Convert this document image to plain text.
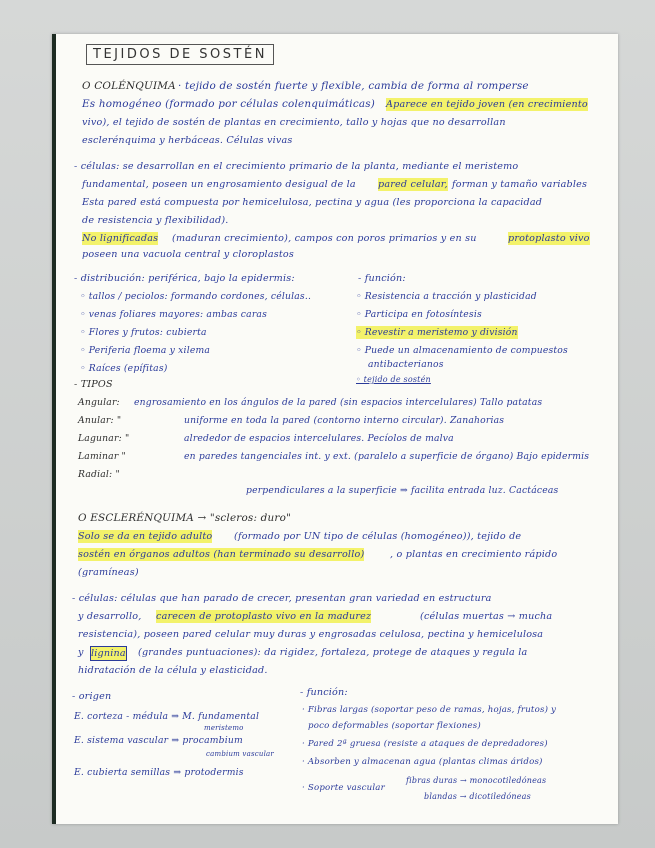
TEJIDOS DE SOSTÉN
O COLÉNQUIMA · tejido de sostén fuerte y flexible, cambia de forma al romperse
Es homogéneo (formado por células colenquimáticas) Aparece en tejido joven (en crecimiento
vivo), el tejido de sostén de plantas en crecimiento, tallo y hojas que no desarrollan
esclerénquima y herbáceas. Células vivas
- células: se desarrollan en el crecimiento primario de la planta, mediante el meristemo
fundamental, poseen un engrosamiento desigual de la pared celular, forman y tamaño variables
Esta pared está compuesta por hemicelulosa, pectina y agua (les proporciona la capacidad
de resistencia y flexibilidad).
No lignificadas (maduran crecimiento), campos con poros primarios y en su	protoplasto vivo
poseen una vacuola central y cloroplastos
- distribución: periférica, bajo la epidermis:
◦ tallos / peciolos: formando cordones, células..
◦ venas foliares mayores: ambas caras
◦ Flores y frutos: cubierta
◦ Periferia floema y xilema
◦ Raíces (epífitas)
- función:
◦ Resistencia a tracción y plasticidad
◦ Participa en fotosíntesis
◦ Revestir a meristemo y división
◦ Puede un almacenamiento de compuestos
antibacterianos
◦ tejido de sostén
- TIPOS
Angular: engrosamiento en los ángulos de la pared (sin espacios intercelulares) Tallo patatas
Anular: "	uniforme en toda la pared (contorno interno circular). Zanahorias
Lagunar: "	alrededor de espacios intercelulares. Pecíolos de malva
Laminar "	en paredes tangenciales int. y ext. (paralelo a superficie de órgano) Bajo epidermis
Radial: "
perpendiculares a la superficie ⇒ facilita entrada luz. Cactáceas
O ESCLERÉNQUIMA → "scleros: duro"
Solo se da en tejido adulto (formado por UN tipo de células (homogéneo)), tejido de
sostén en órganos adultos (han terminado su desarrollo)	, o plantas en crecimiento rápido
(gramíneas)
- células: células que han parado de crecer, presentan gran variedad en estructura
y desarrollo, carecen de protoplasto vivo en la madurez	(células muertas → mucha
resistencia), poseen pared celular muy duras y engrosadas celulosa, pectina y hemicelulosa
y lignina (grandes puntuaciones): da rigidez, fortaleza, protege de ataques y regula la
hidratación de la célula y elasticidad.
- origen
E. corteza - médula ⇒ M. fundamental
meristemo
E. sistema vascular ⇒ procambium
cambium vascular
E. cubierta semillas ⇒ protodermis
- función:
· Fibras largas (soportar peso de ramas, hojas, frutos) y
poco deformables (soportar flexiones)
· Pared 2ª gruesa (resiste a ataques de depredadores)
· Absorben y almacenan agua (plantas climas áridos)
· Soporte vascular
fibras duras → monocotiledóneas
blandas → dicotiledóneas
